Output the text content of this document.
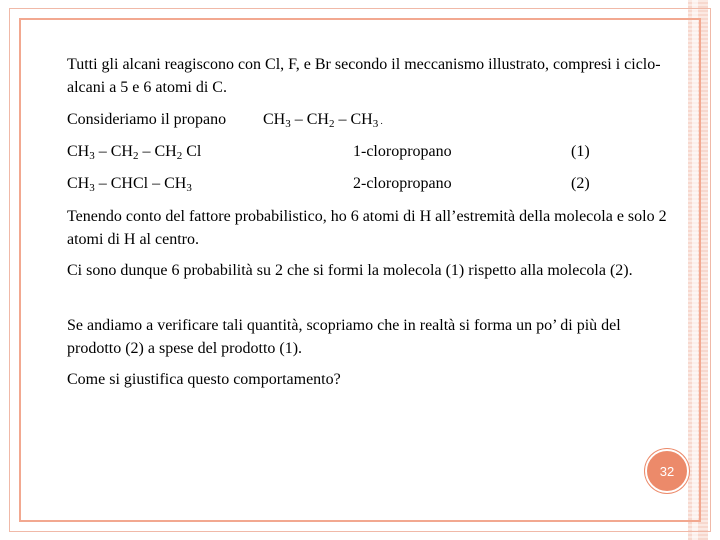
Tutti gli alcani reagiscono con Cl, F, e Br secondo il meccanismo illustrato, compresi i ciclo-alcani a 5 e 6 atomi di C.
Consideriamo il propano $CH_3 - CH_2 - CH_3$ .
$CH_3 - CH_2 - CH_2$ Cl	1-cloropropano	(1)
$CH_3$ – CHCl – $CH_3$	2-cloropropano	(2)
Tenendo conto del fattore probabilistico, ho 6 atomi di H all’estremità della molecola e solo 2 atomi di H al centro.
Ci sono dunque 6 probabilità su 2 che si formi la molecola (1) rispetto alla molecola (2).
Se andiamo a verificare tali quantità, scopriamo che in realtà si forma un po’ di più del prodotto (2) a spese del prodotto (1).
Come si giustifica questo comportamento?
32
